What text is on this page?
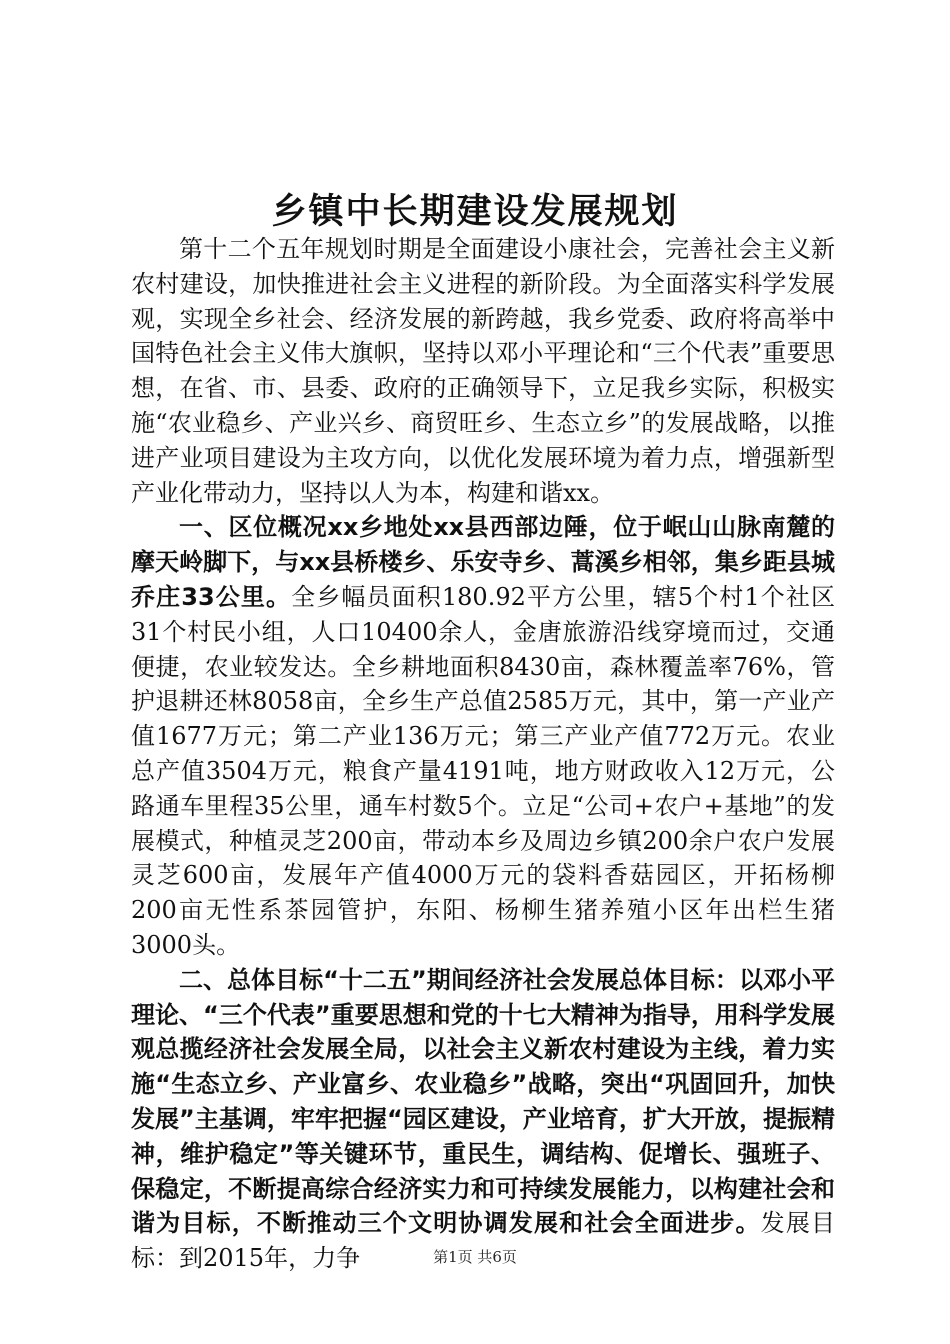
乡镇中长期建设发展规划

第十二个五年规划时期是全面建设小康社会，完善社会主义新农村建设，加快推进社会主义进程的新阶段。为全面落实科学发展观，实现全乡社会、经济发展的新跨越，我乡党委、政府将高举中国特色社会主义伟大旗帜，坚持以邓小平理论和“三个代表”重要思想，在省、市、县委、政府的正确领导下，立足我乡实际，积极实施“农业稳乡、产业兴乡、商贸旺乡、生态立乡”的发展战略，以推进产业项目建设为主攻方向，以优化发展环境为着力点，增强新型产业化带动力，坚持以人为本，构建和谐xx。

一、区位概况xx乡地处xx县西部边陲，位于岷山山脉南麓的摩天岭脚下，与xx县桥楼乡、乐安寺乡、蒿溪乡相邻，集乡距县城乔庄33公里。全乡幅员面积180.92平方公里，辖5个村1个社区31个村民小组，人口10400余人，金唐旅游沿线穿境而过，交通便捷，农业较发达。全乡耕地面积8430亩，森林覆盖率76%，管护退耕还林8058亩，全乡生产总值2585万元，其中，第一产业产值1677万元；第二产业136万元；第三产业产值772万元。农业总产值3504万元，粮食产量4191吨，地方财政收入12万元，公路通车里程35公里，通车村数5个。立足“公司+农户+基地”的发展模式，种植灵芝200亩，带动本乡及周边乡镇200余户农户发展灵芝600亩，发展年产值4000万元的袋料香菇园区，开拓杨柳200亩无性系茶园管护，东阳、杨柳生猪养殖小区年出栏生猪3000头。

二、总体目标“十二五”期间经济社会发展总体目标：以邓小平理论、“三个代表”重要思想和党的十七大精神为指导，用科学发展观总揽经济社会发展全局，以社会主义新农村建设为主线，着力实施“生态立乡、产业富乡、农业稳乡”战略，突出“巩固回升，加快发展”主基调，牢牢把握“园区建设，产业培育，扩大开放，提振精神，维护稳定”等关键环节，重民生，调结构、促增长、强班子、保稳定，不断提高综合经济实力和可持续发展能力，以构建社会和谐为目标，不断推动三个文明协调发展和社会全面进步。发展目标：到2015年，力争	第1页 共6页
